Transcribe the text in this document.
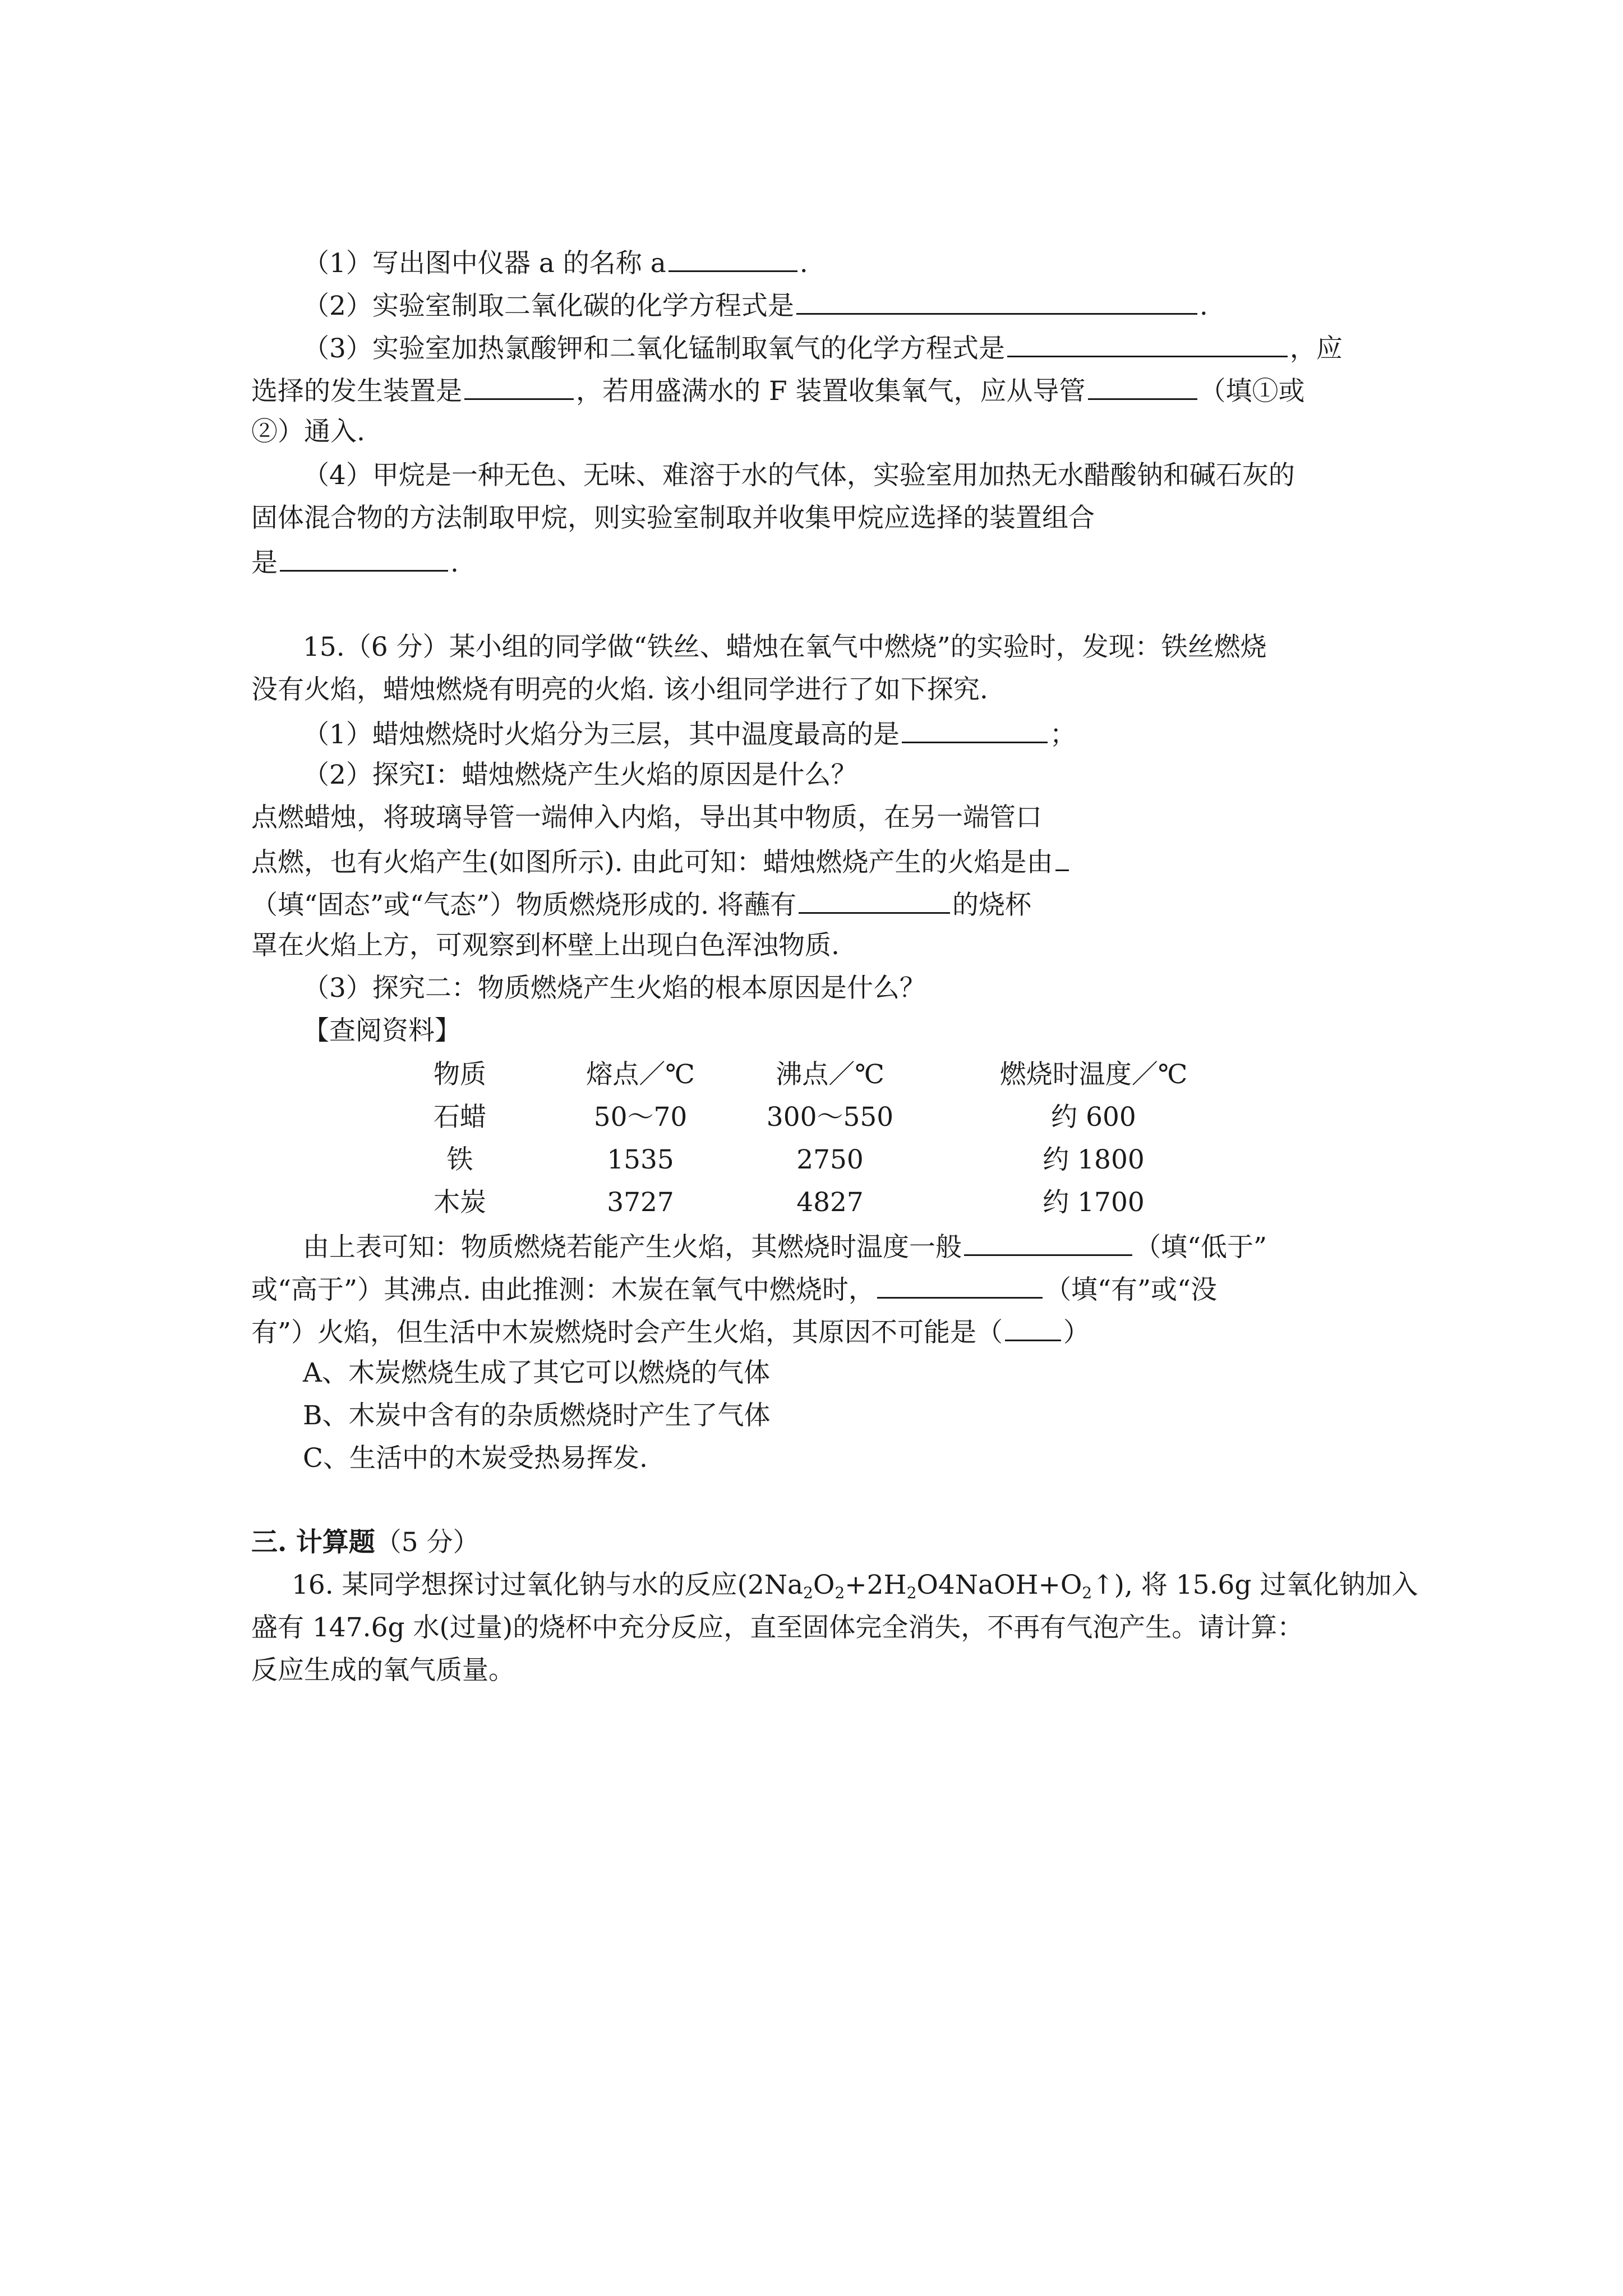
（1）写出图中仪器 a 的名称 a	.
（2）实验室制取二氧化碳的化学方程式是	.
（3）实验室加热氯酸钾和二氧化锰制取氧气的化学方程式是	，应
选择的发生装置是	，若用盛满水的 F 装置收集氧气，应从导管	（填①或
②）通入.
（4）甲烷是一种无色、无味、难溶于水的气体，实验室用加热无水醋酸钠和碱石灰的
固体混合物的方法制取甲烷，则实验室制取并收集甲烷应选择的装置组合
是	.
15.（6 分）某小组的同学做“铁丝、蜡烛在氧气中燃烧”的实验时，发现：铁丝燃烧
没有火焰，蜡烛燃烧有明亮的火焰. 该小组同学进行了如下探究.
（1）蜡烛燃烧时火焰分为三层，其中温度最高的是	；
（2）探究Ⅰ：蜡烛燃烧产生火焰的原因是什么？
点燃蜡烛，将玻璃导管一端伸入内焰，导出其中物质，在另一端管口
点燃，也有火焰产生(如图所示). 由此可知：蜡烛燃烧产生的火焰是由
（填“固态”或“气态”）物质燃烧形成的. 将蘸有	的烧杯
罩在火焰上方，可观察到杯壁上出现白色浑浊物质.
（3）探究二：物质燃烧产生火焰的根本原因是什么？
【查阅资料】
物质	熔点／℃	沸点／℃	燃烧时温度／℃
石蜡	50～70	300～550	约 600
铁	1535	2750	约 1800
木炭	3727	4827	约 1700
由上表可知：物质燃烧若能产生火焰，其燃烧时温度一般	（填“低于”
或“高于”）其沸点. 由此推测：木炭在氧气中燃烧时，	（填“有”或“没
有”）火焰，但生活中木炭燃烧时会产生火焰，其原因不可能是（ ）
A、木炭燃烧生成了其它可以燃烧的气体
B、木炭中含有的杂质燃烧时产生了气体
C、生活中的木炭受热易挥发.
三. 计算题（5 分）
16. 某同学想探讨过氧化钠与水的反应$(2Na_2O_2+2H_2O4NaOH+O_2↑)$, 将 15.6g 过氧化钠加入
盛有 147.6g 水(过量)的烧杯中充分反应，直至固体完全消失，不再有气泡产生。请计算：
反应生成的氧气质量。
